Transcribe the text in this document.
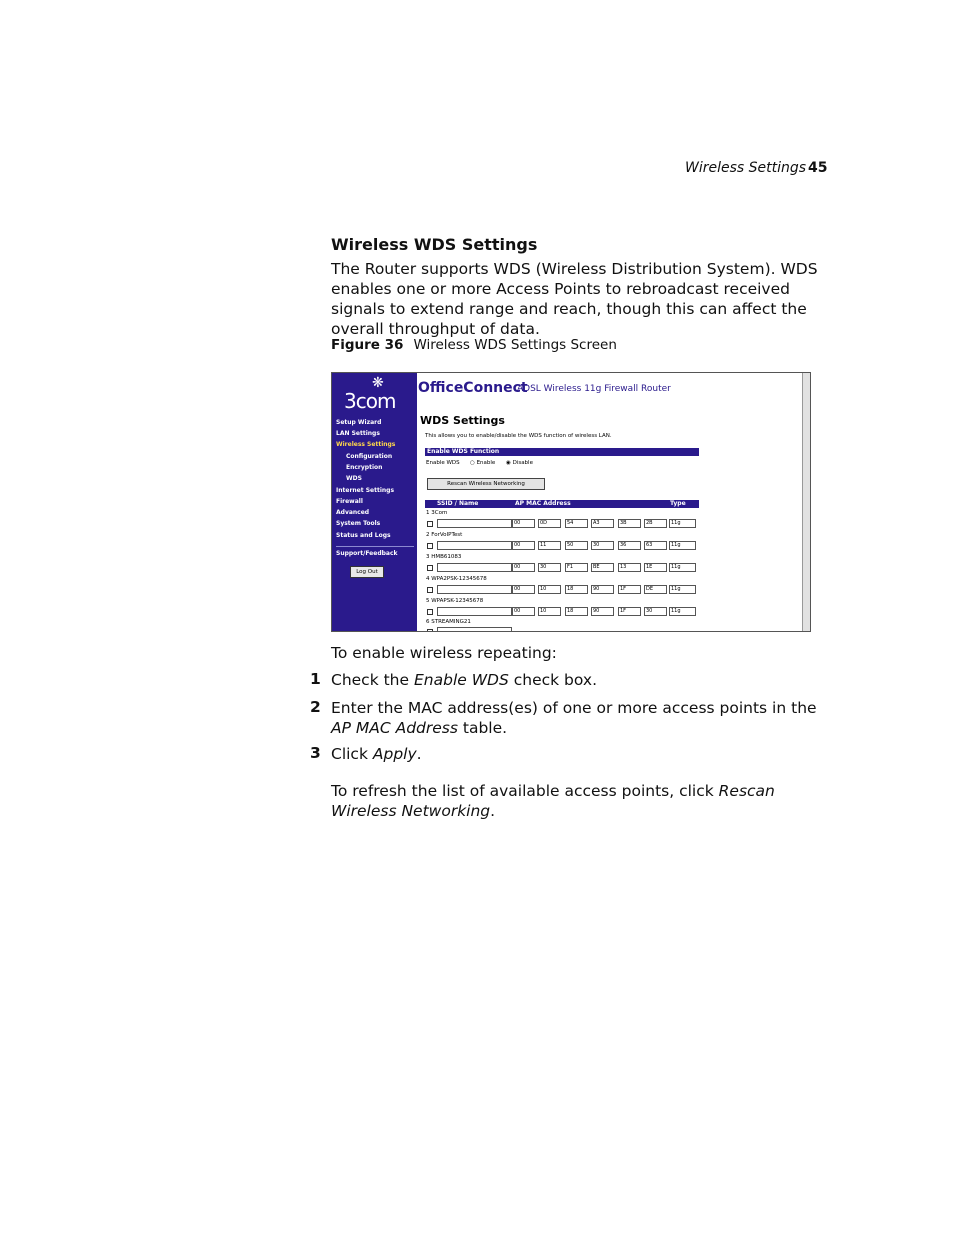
Wireless Settings 45
Wireless WDS Settings
The Router supports WDS (Wireless Distribution System). WDS enables one or more Access Points to rebroadcast received signals to extend range and reach, though this can affect the overall throughput of data.
Figure 36 Wireless WDS Settings Screen
❋
3com
Setup Wizard
LAN Settings
Wireless Settings
Configuration
Encryption
WDS
Internet Settings
Firewall
Advanced
System Tools
Status and Logs
Support/Feedback
Log Out
OfficeConnect
ADSL Wireless 11g Firewall Router
WDS Settings
This allows you to enable/disable the WDS function of wireless LAN.
Enable WDS Function
Enable WDS ○ Enable ◉ Disable
Rescan Wireless Networking
SSID / Name	AP MAC Address	Type
1 3Com
00	0D	54	A3	3B	2B	11g
2 ForVoIPTest
00	11	50	30	36	63	11g
3 HMB61083
00	30	F1	BE	13	1E	11g
4 WPA2PSK-12345678
00	10	18	90	1F	DE	11g
5 WPAPSK-12345678
00	10	18	90	1F	30	11g
6 STREAMING21
To enable wireless repeating:
1 Check the Enable WDS check box.
2 Enter the MAC address(es) of one or more access points in the AP MAC Address table.
3 Click Apply.
To refresh the list of available access points, click Rescan Wireless Networking.
